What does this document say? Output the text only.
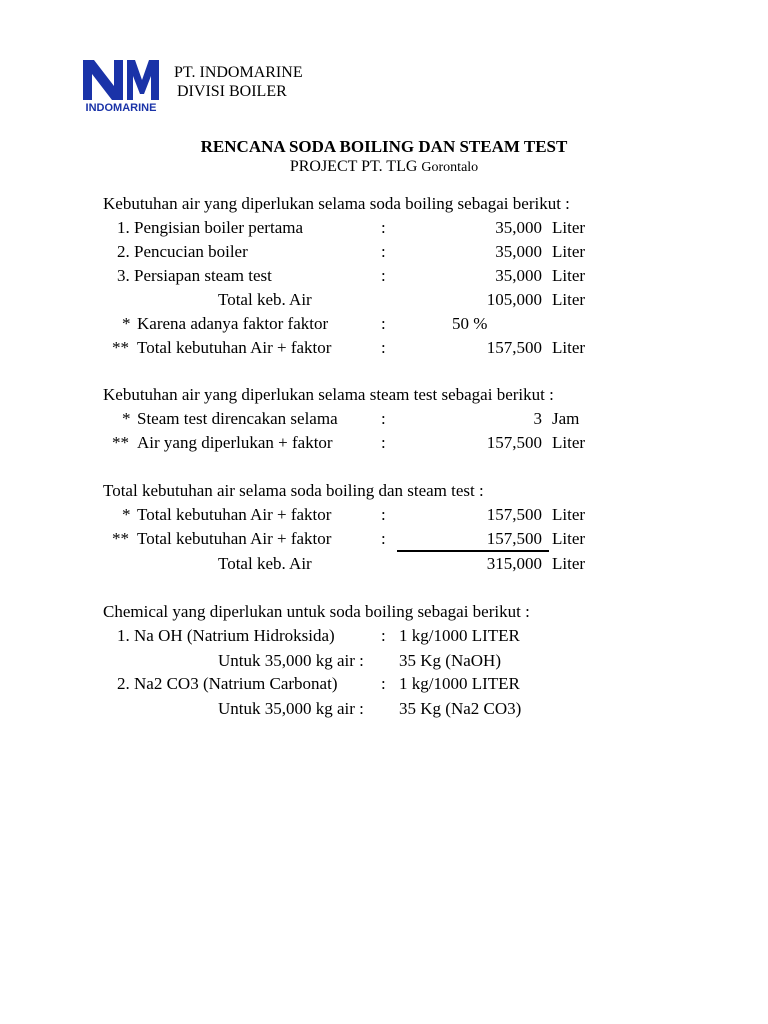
INDOMARINE
PT. INDOMARINE
DIVISI BOILER
RENCANA SODA BOILING DAN STEAM TEST
PROJECT PT. TLG Gorontalo
Kebutuhan air yang diperlukan selama soda boiling sebagai berikut :
1. Pengisian boiler pertama	:	35,000 Liter
2. Pencucian boiler	:	35,000 Liter
3. Persiapan steam test	:	35,000 Liter
Total keb. Air	105,000 Liter
* Karena adanya faktor faktor	:	50 %
** Total kebutuhan Air + faktor	:	157,500 Liter
Kebutuhan air yang diperlukan selama steam test sebagai berikut :
* Steam test direncakan selama	:	3 Jam
** Air yang diperlukan + faktor	:	157,500 Liter
Total kebutuhan air selama soda boiling dan steam test :
* Total kebutuhan Air + faktor	:	157,500 Liter
** Total kebutuhan Air + faktor	:	157,500 Liter
Total keb. Air	315,000 Liter
Chemical yang diperlukan untuk soda boiling sebagai berikut :
1. Na OH (Natrium Hidroksida)	: 1 kg/1000 LITER
Untuk 35,000 kg air : 35 Kg (NaOH)
2. Na2 CO3 (Natrium Carbonat)	: 1 kg/1000 LITER
Untuk 35,000 kg air : 35 Kg (Na2 CO3)
